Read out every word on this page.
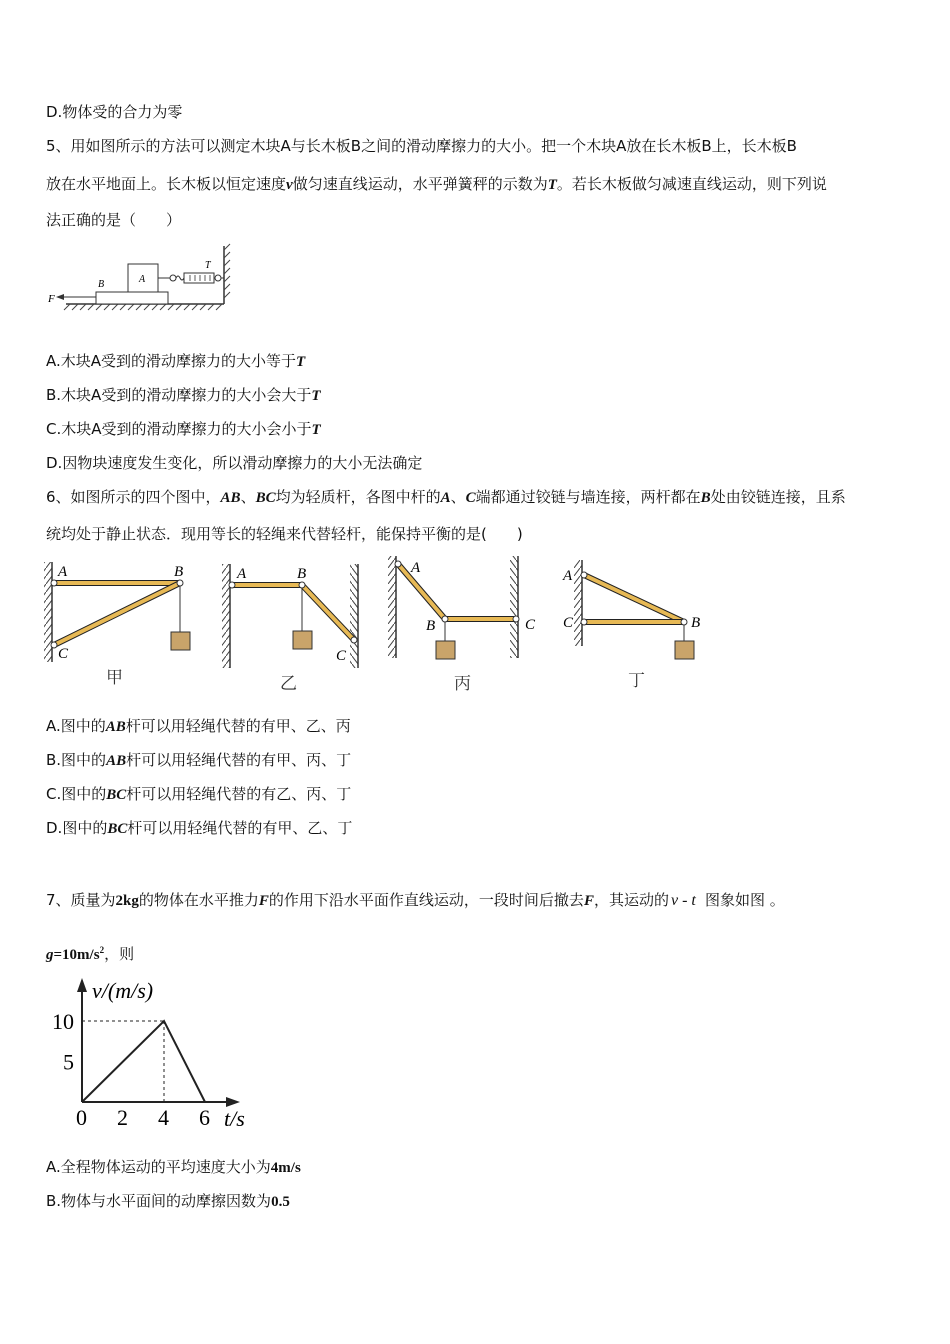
D.物体受的合力为零
5、用如图所示的方法可以测定木块A与长木板B之间的滑动摩擦力的大小。把一个木块A放在长木板B上，长木板B
放在水平地面上。长木板以恒定速度v做匀速直线运动，水平弹簧秤的示数为T。若长木板做匀减速直线运动，则下列说
法正确的是（　　）
F
B	A
T
A.木块A受到的滑动摩擦力的大小等于T
B.木块A受到的滑动摩擦力的大小会大于T
C.木块A受到的滑动摩擦力的大小会小于T
D.因物块速度发生变化，所以滑动摩擦力的大小无法确定
6、如图所示的四个图中，AB、BC均为轻质杆，各图中杆的A、C端都通过铰链与墙连接，两杆都在B处由铰链连接，且系
统均处于静止状态．现用等长的轻绳来代替轻杆，能保持平衡的是(　　)
A	B
C
甲
A	B
C
乙
A
B	C
丙
A
C	B
丁
A.图中的AB杆可以用轻绳代替的有甲、乙、丙
B.图中的AB杆可以用轻绳代替的有甲、丙、丁
C.图中的BC杆可以用轻绳代替的有乙、丙、丁
D.图中的BC杆可以用轻绳代替的有甲、乙、丁
7、质量为2kg的物体在水平推力F的作用下沿水平面作直线运动，一段时间后撤去F，其运动的 v - t 图象如图 。
$g=10m/s^2$，则
v/(m/s)
t/s
0 2 4 6
5
10
A.全程物体运动的平均速度大小为4m/s
B.物体与水平面间的动摩擦因数为0.5
